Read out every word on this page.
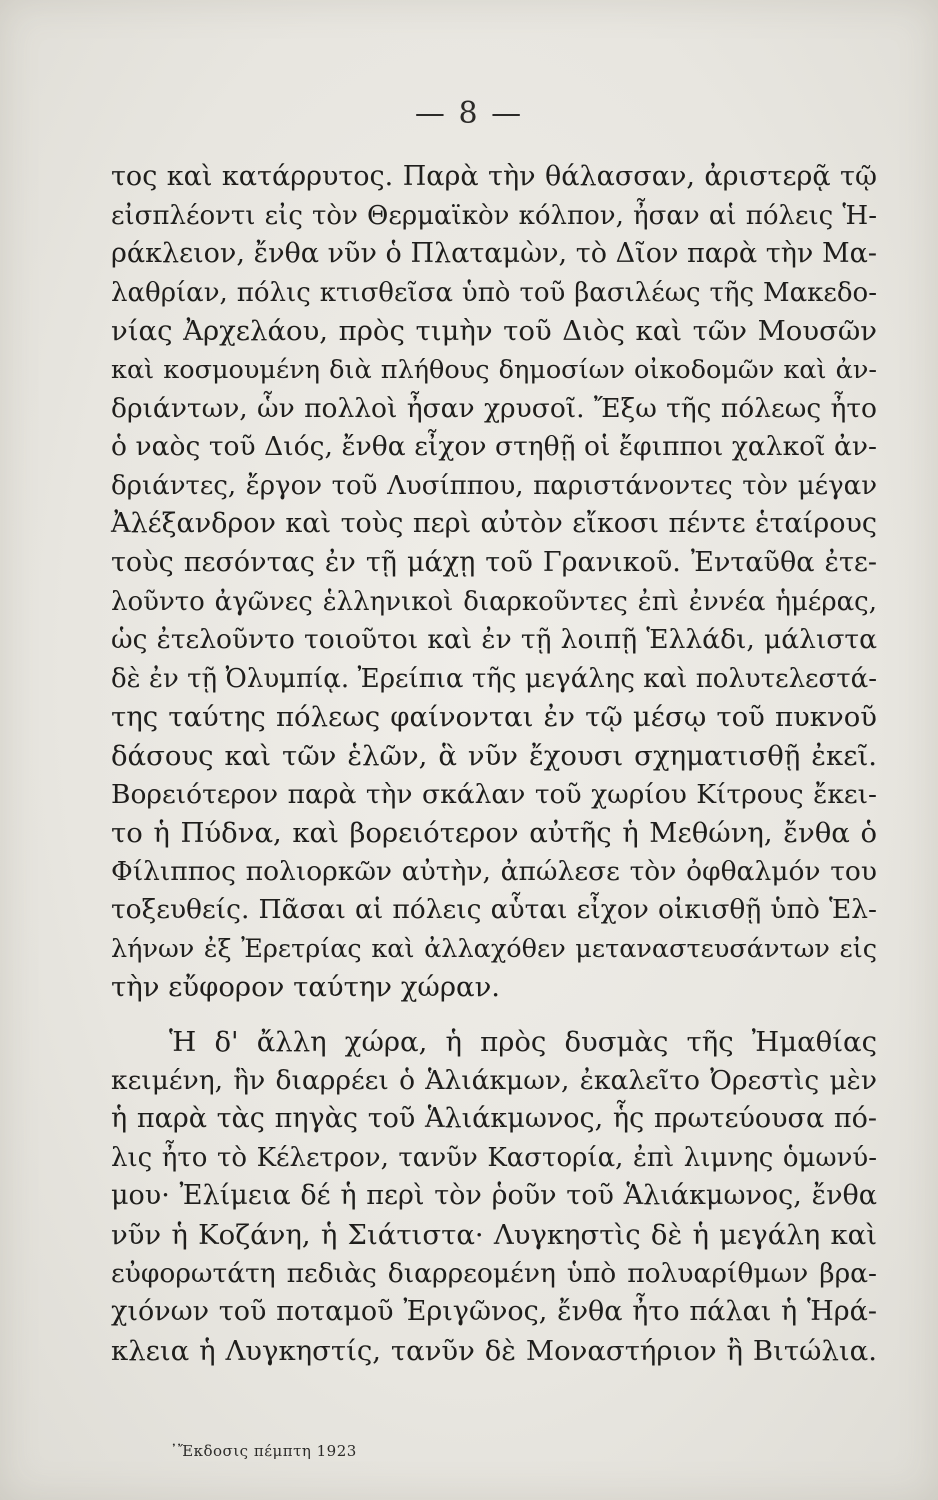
— 8 —
τος καὶ κατάρρυτος. Παρὰ τὴν θάλασσαν, ἀριστερᾷ τῷ
εἰσπλέοντι εἰς τὸν Θερμαϊκὸν κόλπον, ἦσαν αἱ πόλεις Ἡ-
ράκλειον, ἔνθα νῦν ὁ Πλαταμὼν, τὸ Δῖον παρὰ τὴν Μα-
λαθρίαν, πόλις κτισθεῖσα ὑπὸ τοῦ βασιλέως τῆς Μακεδο-
νίας Ἀρχελάου, πρὸς τιμὴν τοῦ Διὸς καὶ τῶν Μουσῶν
καὶ κοσμουμένη διὰ πλήθους δημοσίων οἰκοδομῶν καὶ ἀν-
δριάντων, ὧν πολλοὶ ἦσαν χρυσοῖ. Ἔξω τῆς πόλεως ἦτο
ὁ ναὸς τοῦ Διός, ἔνθα εἶχον στηθῇ οἱ ἔφιπποι χαλκοῖ ἀν-
δριάντες, ἔργον τοῦ Λυσίππου, παριστάνοντες τὸν μέγαν
Ἀλέξανδρον καὶ τοὺς περὶ αὐτὸν εἴκοσι πέντε ἑταίρους
τοὺς πεσόντας ἐν τῇ μάχῃ τοῦ Γρανικοῦ. Ἐνταῦθα ἐτε-
λοῦντο ἀγῶνες ἑλληνικοὶ διαρκοῦντες ἐπὶ ἐννέα ἡμέρας,
ὡς ἐτελοῦντο τοιοῦτοι καὶ ἐν τῇ λοιπῇ Ἑλλάδι, μάλιστα
δὲ ἐν τῇ Ὀλυμπίᾳ. Ἐρείπια τῆς μεγάλης καὶ πολυτελεστά-
της ταύτης πόλεως φαίνονται ἐν τῷ μέσῳ τοῦ πυκνοῦ
δάσους καὶ τῶν ἑλῶν, ἃ νῦν ἔχουσι σχηματισθῇ ἐκεῖ.
Βορειότερον παρὰ τὴν σκάλαν τοῦ χωρίου Κίτρους ἔκει-
το ἡ Πύδνα, καὶ βορειότερον αὐτῆς ἡ Μεθώνη, ἔνθα ὁ
Φίλιππος πολιορκῶν αὐτὴν, ἀπώλεσε τὸν ὀφθαλμόν του
τοξευθείς. Πᾶσαι αἱ πόλεις αὗται εἶχον οἰκισθῇ ὑπὸ Ἑλ-
λήνων ἐξ Ἐρετρίας καὶ ἀλλαχόθεν μεταναστευσάντων εἰς
τὴν εὔφορον ταύτην χώραν.
Ἡ δ' ἄλλη χώρα, ἡ πρὸς δυσμὰς τῆς Ἠμαθίας
κειμένη, ἣν διαρρέει ὁ Ἁλιάκμων, ἐκαλεῖτο Ὀρεστὶς μὲν
ἡ παρὰ τὰς πηγὰς τοῦ Ἁλιάκμωνος, ἧς πρωτεύουσα πό-
λις ἦτο τὸ Κέλετρον, τανῦν Καστορία, ἐπὶ λιμνης ὁμωνύ-
μου· Ἐλίμεια δέ ἡ περὶ τὸν ῥοῦν τοῦ Ἁλιάκμωνος, ἔνθα
νῦν ἡ Κοζάνη, ἡ Σιάτιστα· Λυγκηστὶς δὲ ἡ μεγάλη καὶ
εὐφορωτάτη πεδιὰς διαρρεομένη ὑπὸ πολυαρίθμων βρα-
χιόνων τοῦ ποταμοῦ Ἐριγῶνος, ἔνθα ἦτο πάλαι ἡ Ἡρά-
κλεια ἡ Λυγκηστίς, τανῦν δὲ Μοναστήριον ἢ Βιτώλια.
᾿Ἔκδοσις πέμπτη 1923
